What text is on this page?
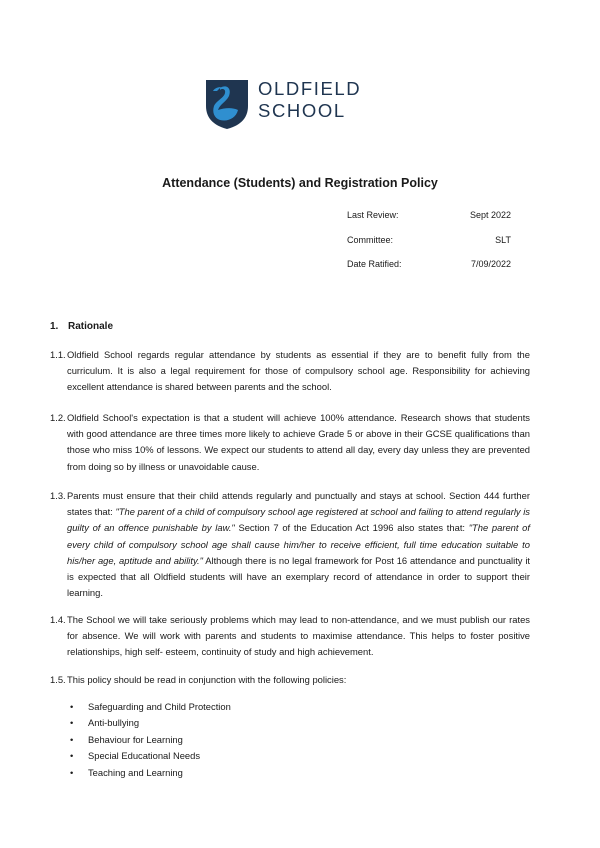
OLDFIELD
SCHOOL
Attendance (Students) and Registration Policy
Last Review:	Sept 2022
Committee:	SLT
Date Ratified:	7/09/2022
1. Rationale
1.1. Oldfield School regards regular attendance by students as essential if they are to benefit fully from the curriculum. It is also a legal requirement for those of compulsory school age. Responsibility for achieving excellent attendance is shared between parents and the school.
1.2. Oldfield School's expectation is that a student will achieve 100% attendance. Research shows that students with good attendance are three times more likely to achieve Grade 5 or above in their GCSE qualifications than those who miss 10% of lessons. We expect our students to attend all day, every day unless they are prevented from doing so by illness or unavoidable cause.
1.3. Parents must ensure that their child attends regularly and punctually and stays at school. Section 444 further states that: "The parent of a child of compulsory school age registered at school and failing to attend regularly is guilty of an offence punishable by law." Section 7 of the Education Act 1996 also states that: "The parent of every child of compulsory school age shall cause him/her to receive efficient, full time education suitable to his/her age, aptitude and ability." Although there is no legal framework for Post 16 attendance and punctuality it is expected that all Oldfield students will have an exemplary record of attendance in order to support their learning.
1.4. The School we will take seriously problems which may lead to non-attendance, and we must publish our rates for absence. We will work with parents and students to maximise attendance. This helps to foster positive relationships, high self- esteem, continuity of study and high achievement.
1.5. This policy should be read in conjunction with the following policies:
• Safeguarding and Child Protection
• Anti-bullying
• Behaviour for Learning
• Special Educational Needs
• Teaching and Learning
